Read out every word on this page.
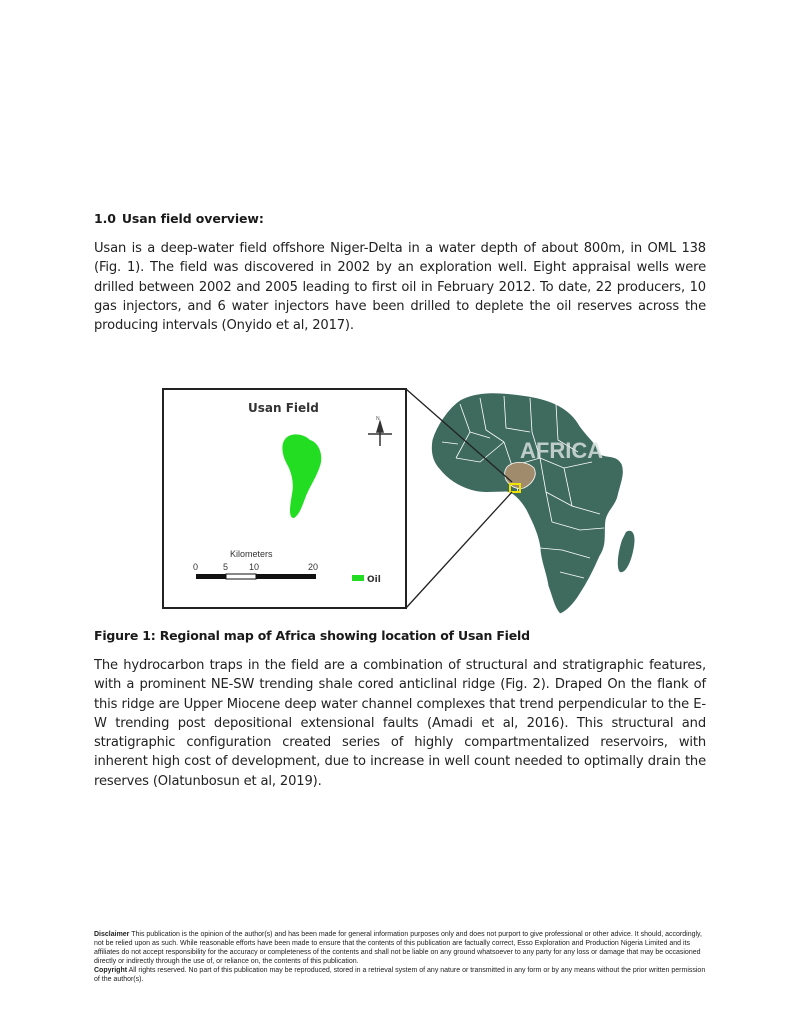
1.0 Usan field overview:
Usan is a deep-water field offshore Niger-Delta in a water depth of about 800m, in OML 138 (Fig. 1). The field was discovered in 2002 by an exploration well. Eight appraisal wells were drilled between 2002 and 2005 leading to first oil in February 2012. To date, 22 producers, 10 gas injectors, and 6 water injectors have been drilled to deplete the oil reserves across the producing intervals (Onyido et al, 2017).
AFRICA
Usan Field
N
Kilometers
0	5 10	20
Oil
Figure 1: Regional map of Africa showing location of Usan Field
The hydrocarbon traps in the field are a combination of structural and stratigraphic features, with a prominent NE-SW trending shale cored anticlinal ridge (Fig. 2). Draped On the flank of this ridge are Upper Miocene deep water channel complexes that trend perpendicular to the E-W trending post depositional extensional faults (Amadi et al, 2016). This structural and stratigraphic configuration created series of highly compartmentalized reservoirs, with inherent high cost of development, due to increase in well count needed to optimally drain the reserves (Olatunbosun et al, 2019).
Disclaimer This publication is the opinion of the author(s) and has been made for general information purposes only and does not purport to give professional or other advice. It should, accordingly, not be relied upon as such. While reasonable efforts have been made to ensure that the contents of this publication are factually correct, Esso Exploration and Production Nigeria Limited and its affiliates do not accept responsibility for the accuracy or completeness of the contents and shall not be liable on any ground whatsoever to any party for any loss or damage that may be occasioned directly or indirectly through the use of, or reliance on, the contents of this publication.
Copyright All rights reserved. No part of this publication may be reproduced, stored in a retrieval system of any nature or transmitted in any form or by any means without the prior written permission of the author(s).
